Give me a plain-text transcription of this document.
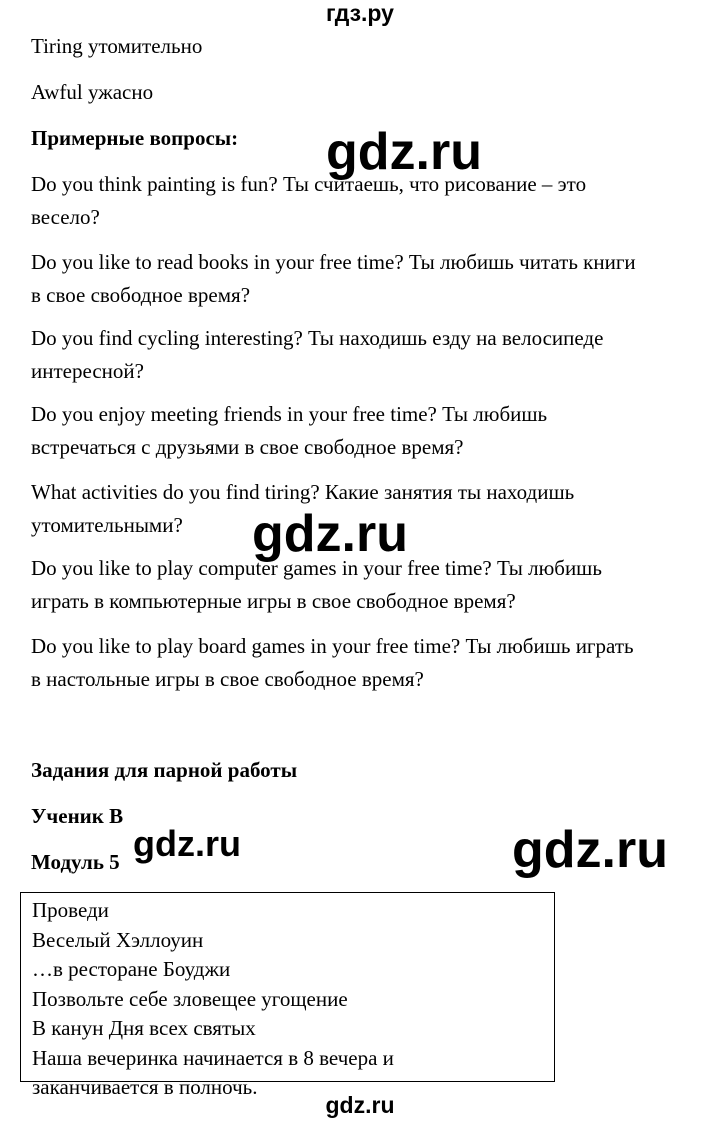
гдз.ру
Tiring утомительно
Awful ужасно
Примерные вопросы:
Do you think painting is fun? Ты считаешь, что рисование – это
весело?
Do you like to read books in your free time? Ты любишь читать книги
в свое свободное время?
Do you find cycling interesting? Ты находишь езду на велосипеде
интересной?
Do you enjoy meeting friends in your free time? Ты любишь
встречаться с друзьями в свое свободное время?
What activities do you find tiring? Какие занятия ты находишь
утомительными?
Do you like to play computer games in your free time? Ты любишь
играть в компьютерные игры в свое свободное время?
Do you like to play board games in your free time? Ты любишь играть
в настольные игры в свое свободное время?
Задания для парной работы
Ученик В
Модуль 5
Проведи
Веселый Хэллоуин
…в ресторане Боуджи
Позвольте себе зловещее угощение
В канун Дня всех святых
Наша вечеринка начинается в 8 вечера и
заканчивается в полночь.
gdz.ru
gdz.ru
gdz.ru	gdz.ru
gdz.ru
